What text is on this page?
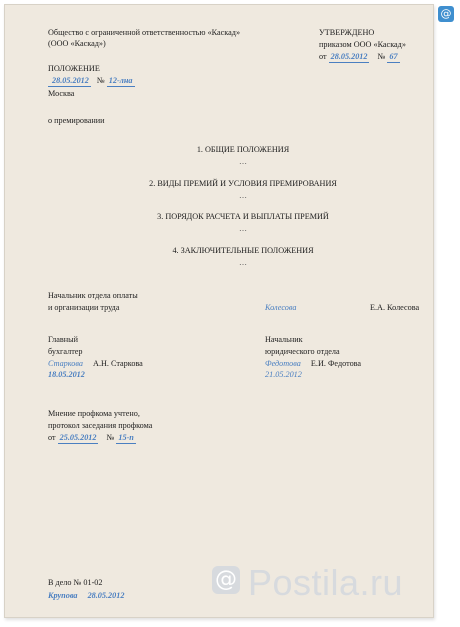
@
Общество с ограниченной ответственностью «Каскад»
(ООО «Каскад»)
УТВЕРЖДЕНО
приказом ООО «Каскад»
от 28.05.2012 № 67
ПОЛОЖЕНИЕ
28.05.2012 № 12-лна
Москва
о премировании
1. ОБЩИЕ ПОЛОЖЕНИЯ
…
2. ВИДЫ ПРЕМИЙ И УСЛОВИЯ ПРЕМИРОВАНИЯ
…
3. ПОРЯДОК РАСЧЕТА И ВЫПЛАТЫ ПРЕМИЙ
…
4. ЗАКЛЮЧИТЕЛЬНЫЕ ПОЛОЖЕНИЯ
…
Начальник отдела оплаты
и организации труда	Колесова	Е.А. Колесова
Главный
бухгалтер
Старкова А.Н. Старкова
18.05.2012
Начальник
юридического отдела
Федотова Е.И. Федотова
21.05.2012
Мнение профкома учтено,
протокол заседания профкома
от 25.05.2012 № 15-п
В дело № 01-02
Крупова 28.05.2012
@ Postila.ru
